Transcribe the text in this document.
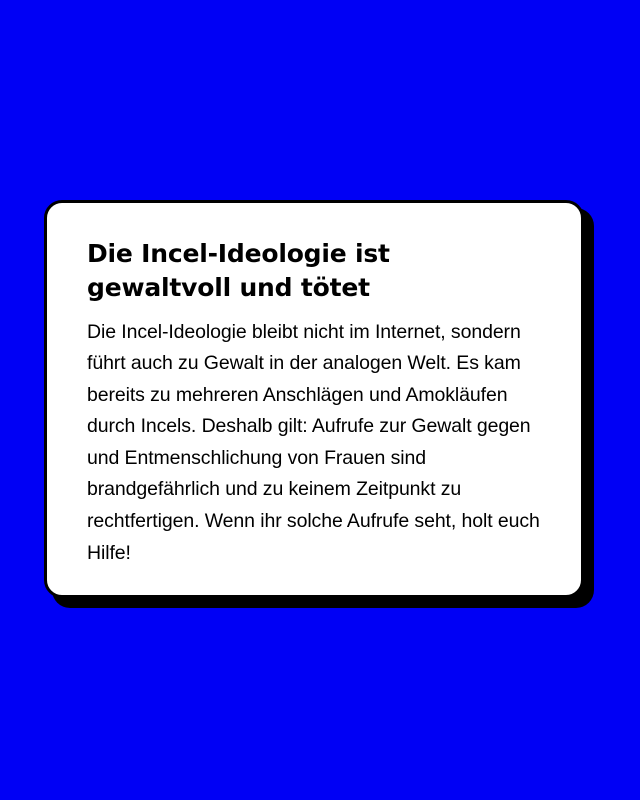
Die Incel-Ideologie ist gewaltvoll und tötet

Die Incel-Ideologie bleibt nicht im Internet, sondern führt auch zu Gewalt in der analogen Welt. Es kam bereits zu mehreren Anschlägen und Amokläufen durch Incels. Deshalb gilt: Aufrufe zur Gewalt gegen und Entmenschlichung von Frauen sind brandgefährlich und zu keinem Zeitpunkt zu rechtfertigen. Wenn ihr solche Aufrufe seht, holt euch Hilfe!
